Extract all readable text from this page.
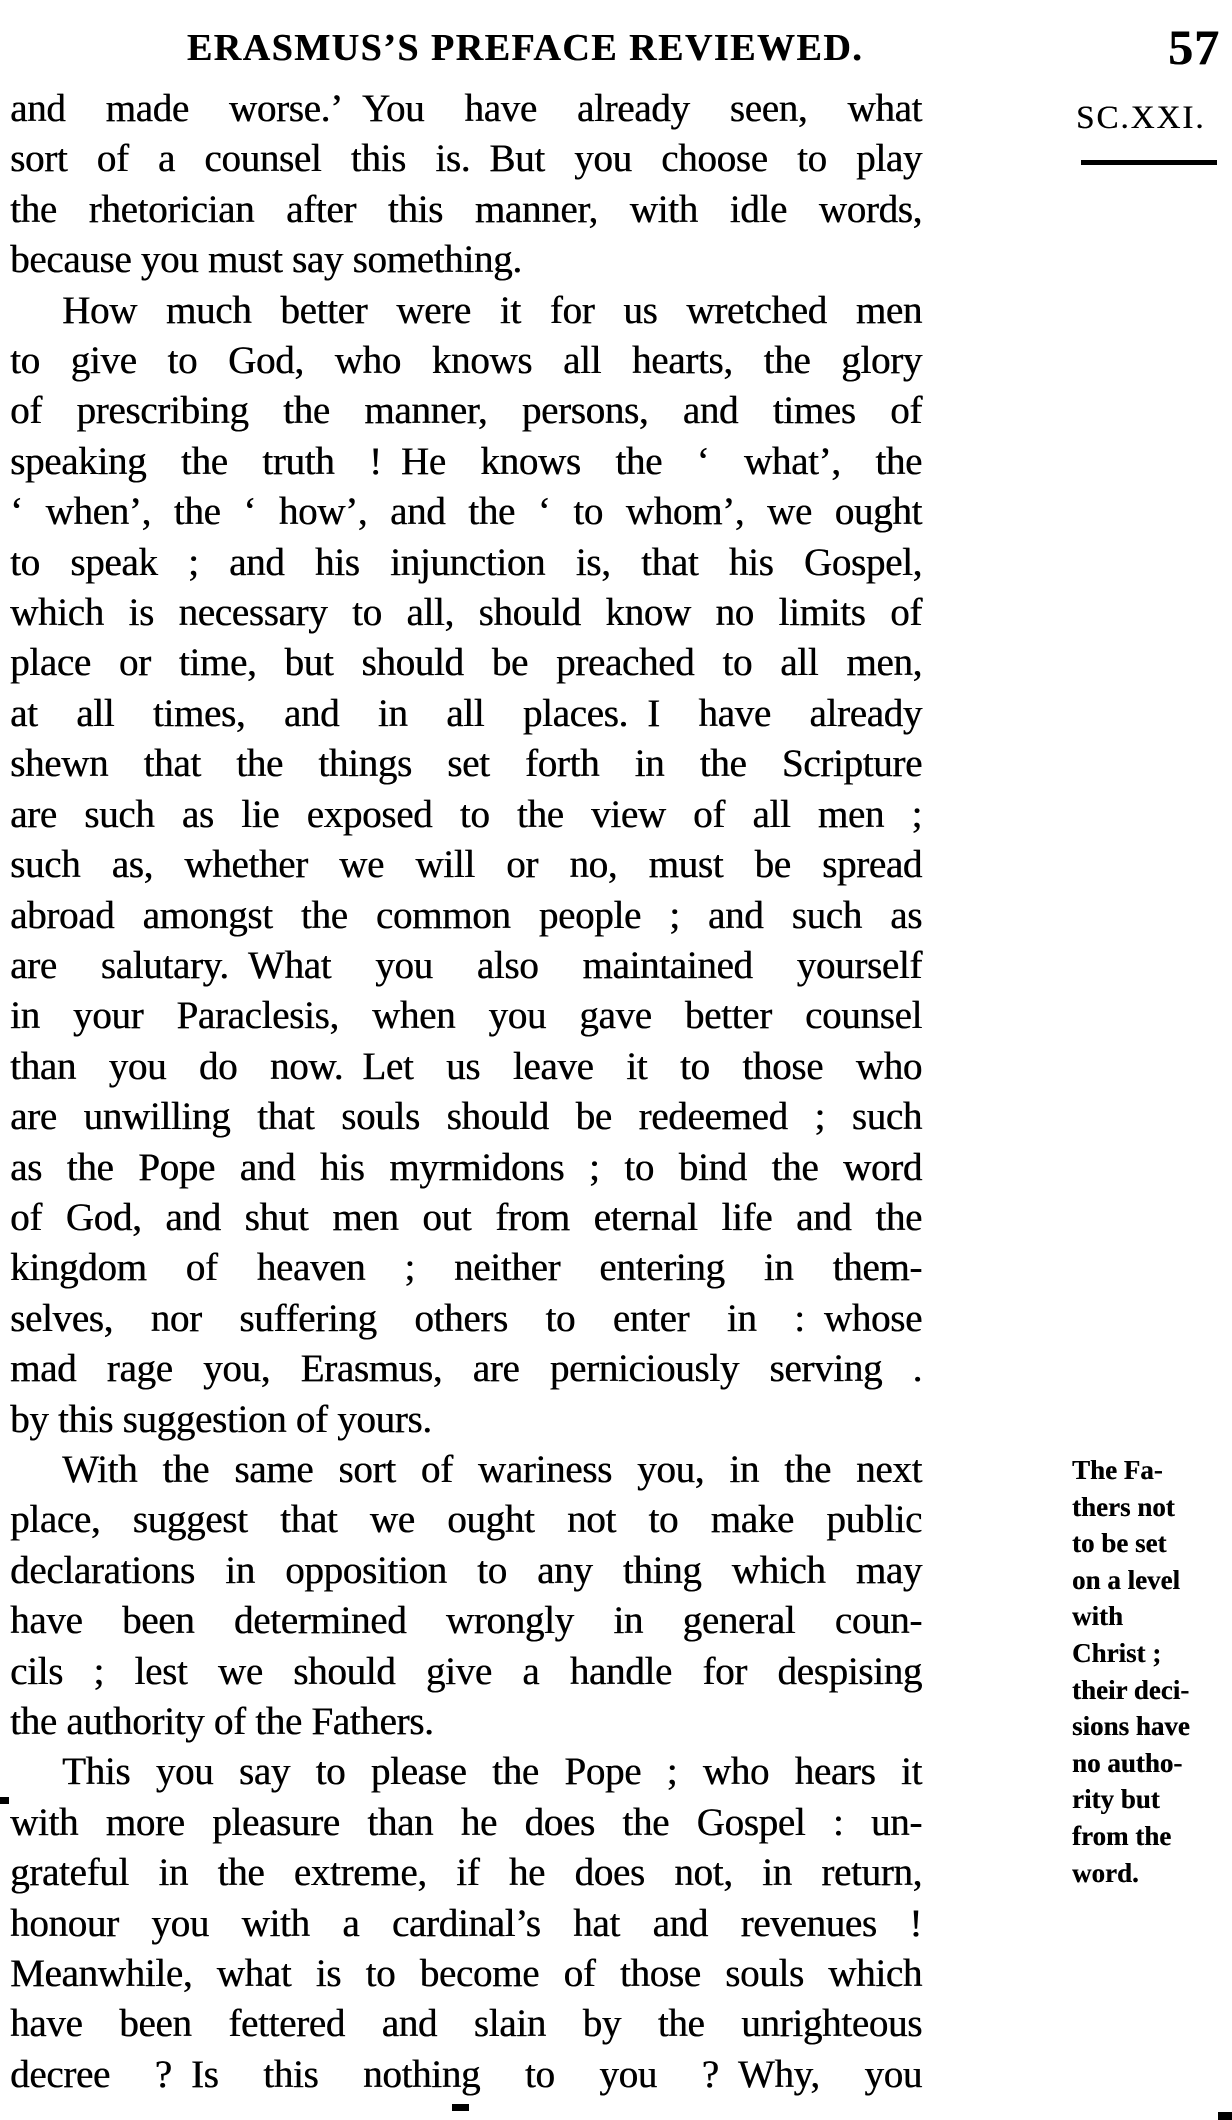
ERASMUS’S PREFACE REVIEWED.	57
and made worse.’ You have already seen, what
sort of a counsel this is. But you choose to play
the rhetorician after this manner, with idle words,
because you must say something.
How much better were it for us wretched men
to give to God, who knows all hearts, the glory
of prescribing the manner, persons, and times of
speaking the truth ! He knows the ‘ what’, the
‘ when’, the ‘ how’, and the ‘ to whom’, we ought
to speak ; and his injunction is, that his Gospel,
which is necessary to all, should know no limits of
place or time, but should be preached to all men,
at all times, and in all places. I have already
shewn that the things set forth in the Scripture
are such as lie exposed to the view of all men ;
such as, whether we will or no, must be spread
abroad amongst the common people ; and such as
are salutary. What you also maintained yourself
in your Paraclesis, when you gave better counsel
than you do now. Let us leave it to those who
are unwilling that souls should be redeemed ; such
as the Pope and his myrmidons ; to bind the word
of God, and shut men out from eternal life and the
kingdom of heaven ; neither entering in them-
selves, nor suffering others to enter in : whose
mad rage you, Erasmus, are perniciously serving .
by this suggestion of yours.
With the same sort of wariness you, in the next
place, suggest that we ought not to make public
declarations in opposition to any thing which may
have been determined wrongly in general coun-
cils ; lest we should give a handle for despising
the authority of the Fathers.
This you say to please the Pope ; who hears it
with more pleasure than he does the Gospel : un-
grateful in the extreme, if he does not, in return,
honour you with a cardinal’s hat and revenues !
Meanwhile, what is to become of those souls which
have been fettered and slain by the unrighteous
decree ? Is this nothing to you ? Why, you
SC.XXI.
The Fa-
thers not
to be set
on a level
with
Christ ;
their deci-
sions have
no autho-
rity but
from the
word.
